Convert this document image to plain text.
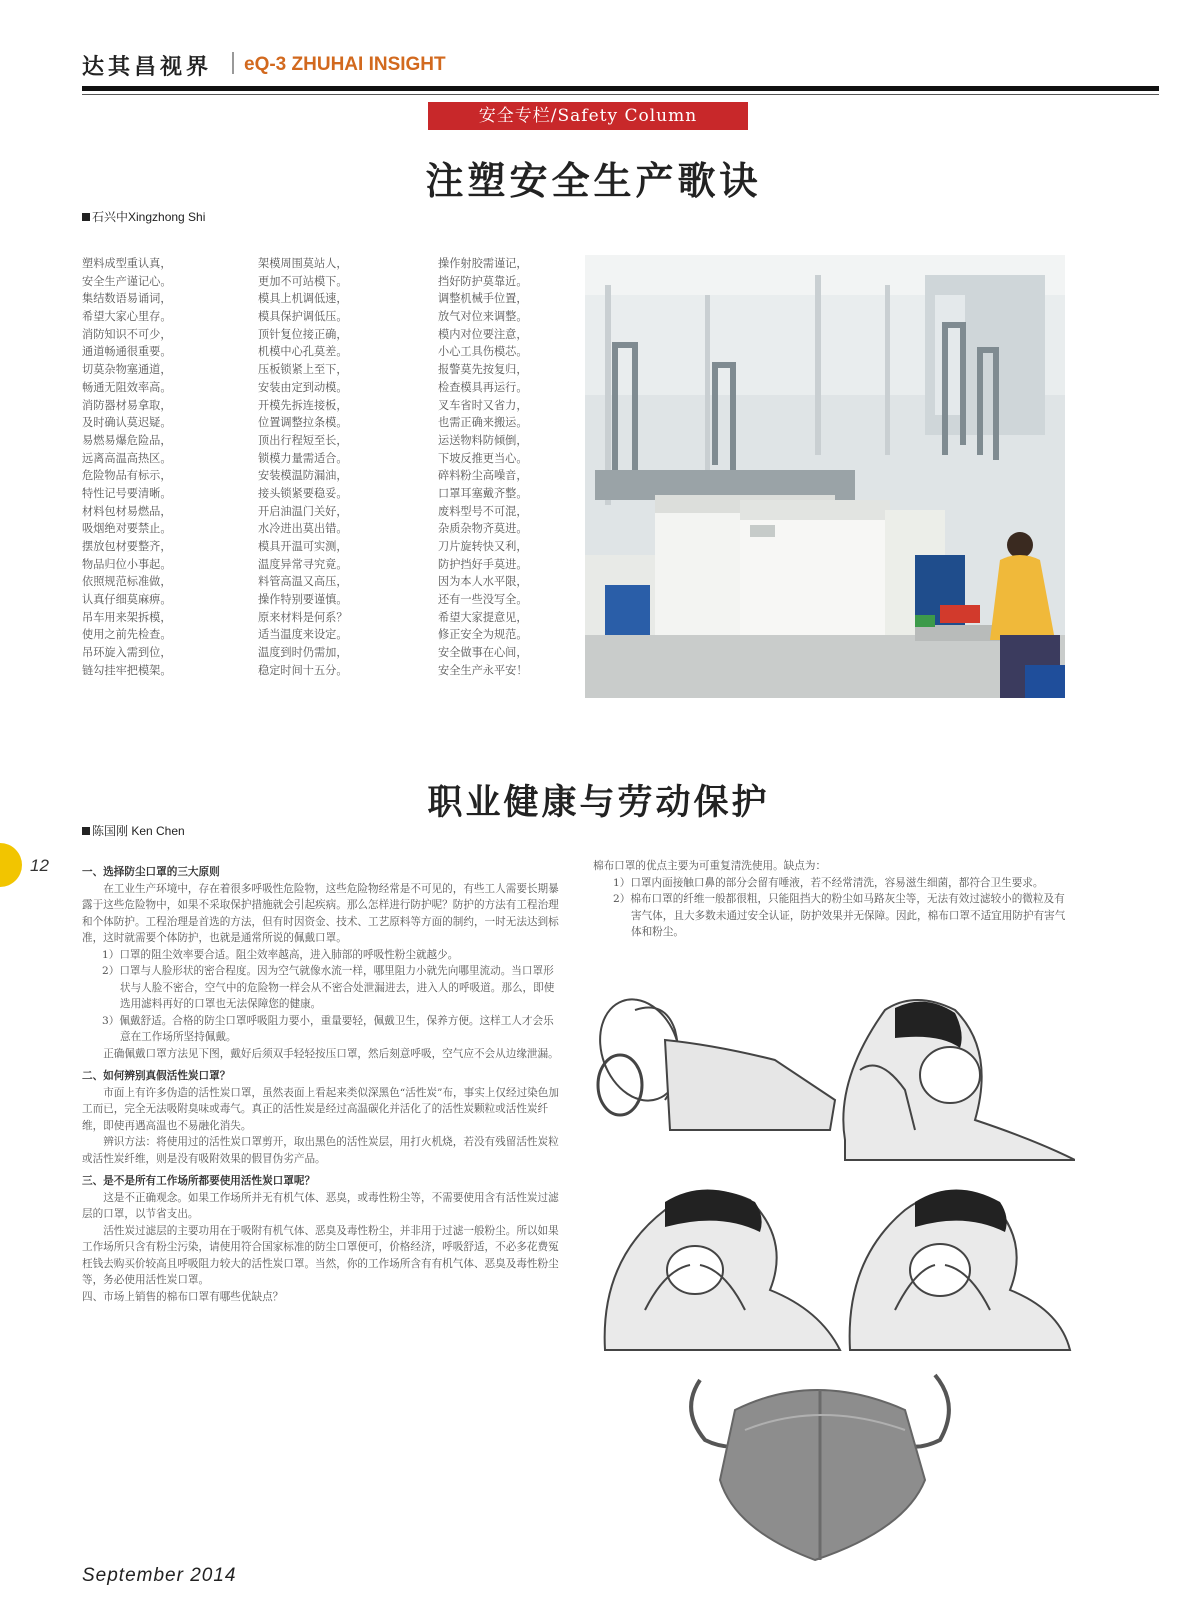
达其昌视界 eQ-3 ZHUHAI INSIGHT
安全专栏/Safety Column
注塑安全生产歌诀
石兴中Xingzhong Shi
塑料成型重认真，
安全生产谨记心。
集结数语易诵词，
希望大家心里存。
消防知识不可少，
通道畅通很重要。
切莫杂物塞通道，
畅通无阻效率高。
消防器材易拿取，
及时确认莫迟疑。
易燃易爆危险品，
远离高温高热区。
危险物品有标示，
特性记号要清晰。
材料包材易燃品，
吸烟绝对要禁止。
摆放包材要整齐，
物品归位小事起。
依照规范标准做，
认真仔细莫麻痹。
吊车用来架拆模，
使用之前先检查。
吊环旋入需到位，
链勾挂牢把模架。
架模周围莫站人，
更加不可站模下。
模具上机调低速，
模具保护调低压。
顶针复位接正确，
机模中心孔莫差。
压板锁紧上至下，
安装由定到动模。
开模先拆连接板，
位置调整拉条模。
顶出行程短至长，
锁模力量需适合。
安装模温防漏油，
接头锁紧要稳妥。
开启油温门关好，
水冷进出莫出错。
模具开温可实测，
温度异常寻究竟。
料管高温又高压，
操作特别要谨慎。
原来材料是何系？
适当温度来设定。
温度到时仍需加，
稳定时间十五分。
操作射胶需谨记，
挡好防护莫靠近。
调整机械手位置，
放气对位来调整。
模内对位要注意，
小心工具伤模芯。
报警莫先按复归，
检查模具再运行。
叉车省时又省力，
也需正确来搬运。
运送物料防倾倒，
下坡反推更当心。
碎料粉尘高噪音，
口罩耳塞戴齐整。
废料型号不可混，
杂质杂物齐莫进。
刀片旋转快又利，
防护挡好手莫进。
因为本人水平限，
还有一些没写全。
希望大家提意见，
修正安全为规范。
安全做事在心间，
安全生产永平安！
职业健康与劳动保护
陈国刚 Ken Chen
12	一、选择防尘口罩的三大原则

在工业生产环境中，存在着很多呼吸性危险物，这些危险物经常是不可见的，有些工人需要长期暴露于这些危险物中，如果不采取保护措施就会引起疾病。那么怎样进行防护呢？防护的方法有工程治理和个体防护。工程治理是首选的方法，但有时因资金、技术、工艺原料等方面的制约，一时无法达到标准，这时就需要个体防护，也就是通常所说的佩戴口罩。

1）口罩的阻尘效率要合适。阻尘效率越高，进入肺部的呼吸性粉尘就越少。

2）口罩与人脸形状的密合程度。因为空气就像水流一样，哪里阻力小就先向哪里流动。当口罩形状与人脸不密合，空气中的危险物一样会从不密合处泄漏进去，进入人的呼吸道。那么，即使选用滤料再好的口罩也无法保障您的健康。

3）佩戴舒适。合格的防尘口罩呼吸阻力要小，重量要轻，佩戴卫生，保养方便。这样工人才会乐意在工作场所坚持佩戴。

正确佩戴口罩方法见下图，戴好后须双手轻轻按压口罩，然后刻意呼吸，空气应不会从边缘泄漏。

二、如何辨别真假活性炭口罩？

市面上有许多伪造的活性炭口罩，虽然表面上看起来类似深黑色“活性炭”布，事实上仅经过染色加工而已，完全无法吸附臭味或毒气。真正的活性炭是经过高温碳化并活化了的活性炭颗粒或活性炭纤维，即使再遇高温也不易融化消失。

辨识方法：将使用过的活性炭口罩剪开，取出黑色的活性炭层，用打火机烧，若没有残留活性炭粒或活性炭纤维，则是没有吸附效果的假冒伪劣产品。

三、是不是所有工作场所都要使用活性炭口罩呢？

这是不正确观念。如果工作场所并无有机气体、恶臭，或毒性粉尘等，不需要使用含有活性炭过滤层的口罩，以节省支出。

活性炭过滤层的主要功用在于吸附有机气体、恶臭及毒性粉尘，并非用于过滤一般粉尘。所以如果工作场所只含有粉尘污染，请使用符合国家标准的防尘口罩便可，价格经济，呼吸舒适，不必多花费冤枉钱去购买价较高且呼吸阻力较大的活性炭口罩。当然，你的工作场所含有有机气体、恶臭及毒性粉尘等，务必使用活性炭口罩。

四、市场上销售的棉布口罩有哪些优缺点？

棉布口罩的优点主要为可重复清洗使用。缺点为：

1）口罩内面接触口鼻的部分会留有唾液，若不经常清洗，容易滋生细菌，都符合卫生要求。

2）棉布口罩的纤维一般都很粗，只能阻挡大的粉尘如马路灰尘等，无法有效过滤较小的微粒及有害气体，且大多数未通过安全认证，防护效果并无保障。因此，棉布口罩不适宜用防护有害气体和粉尘。

September 2014
